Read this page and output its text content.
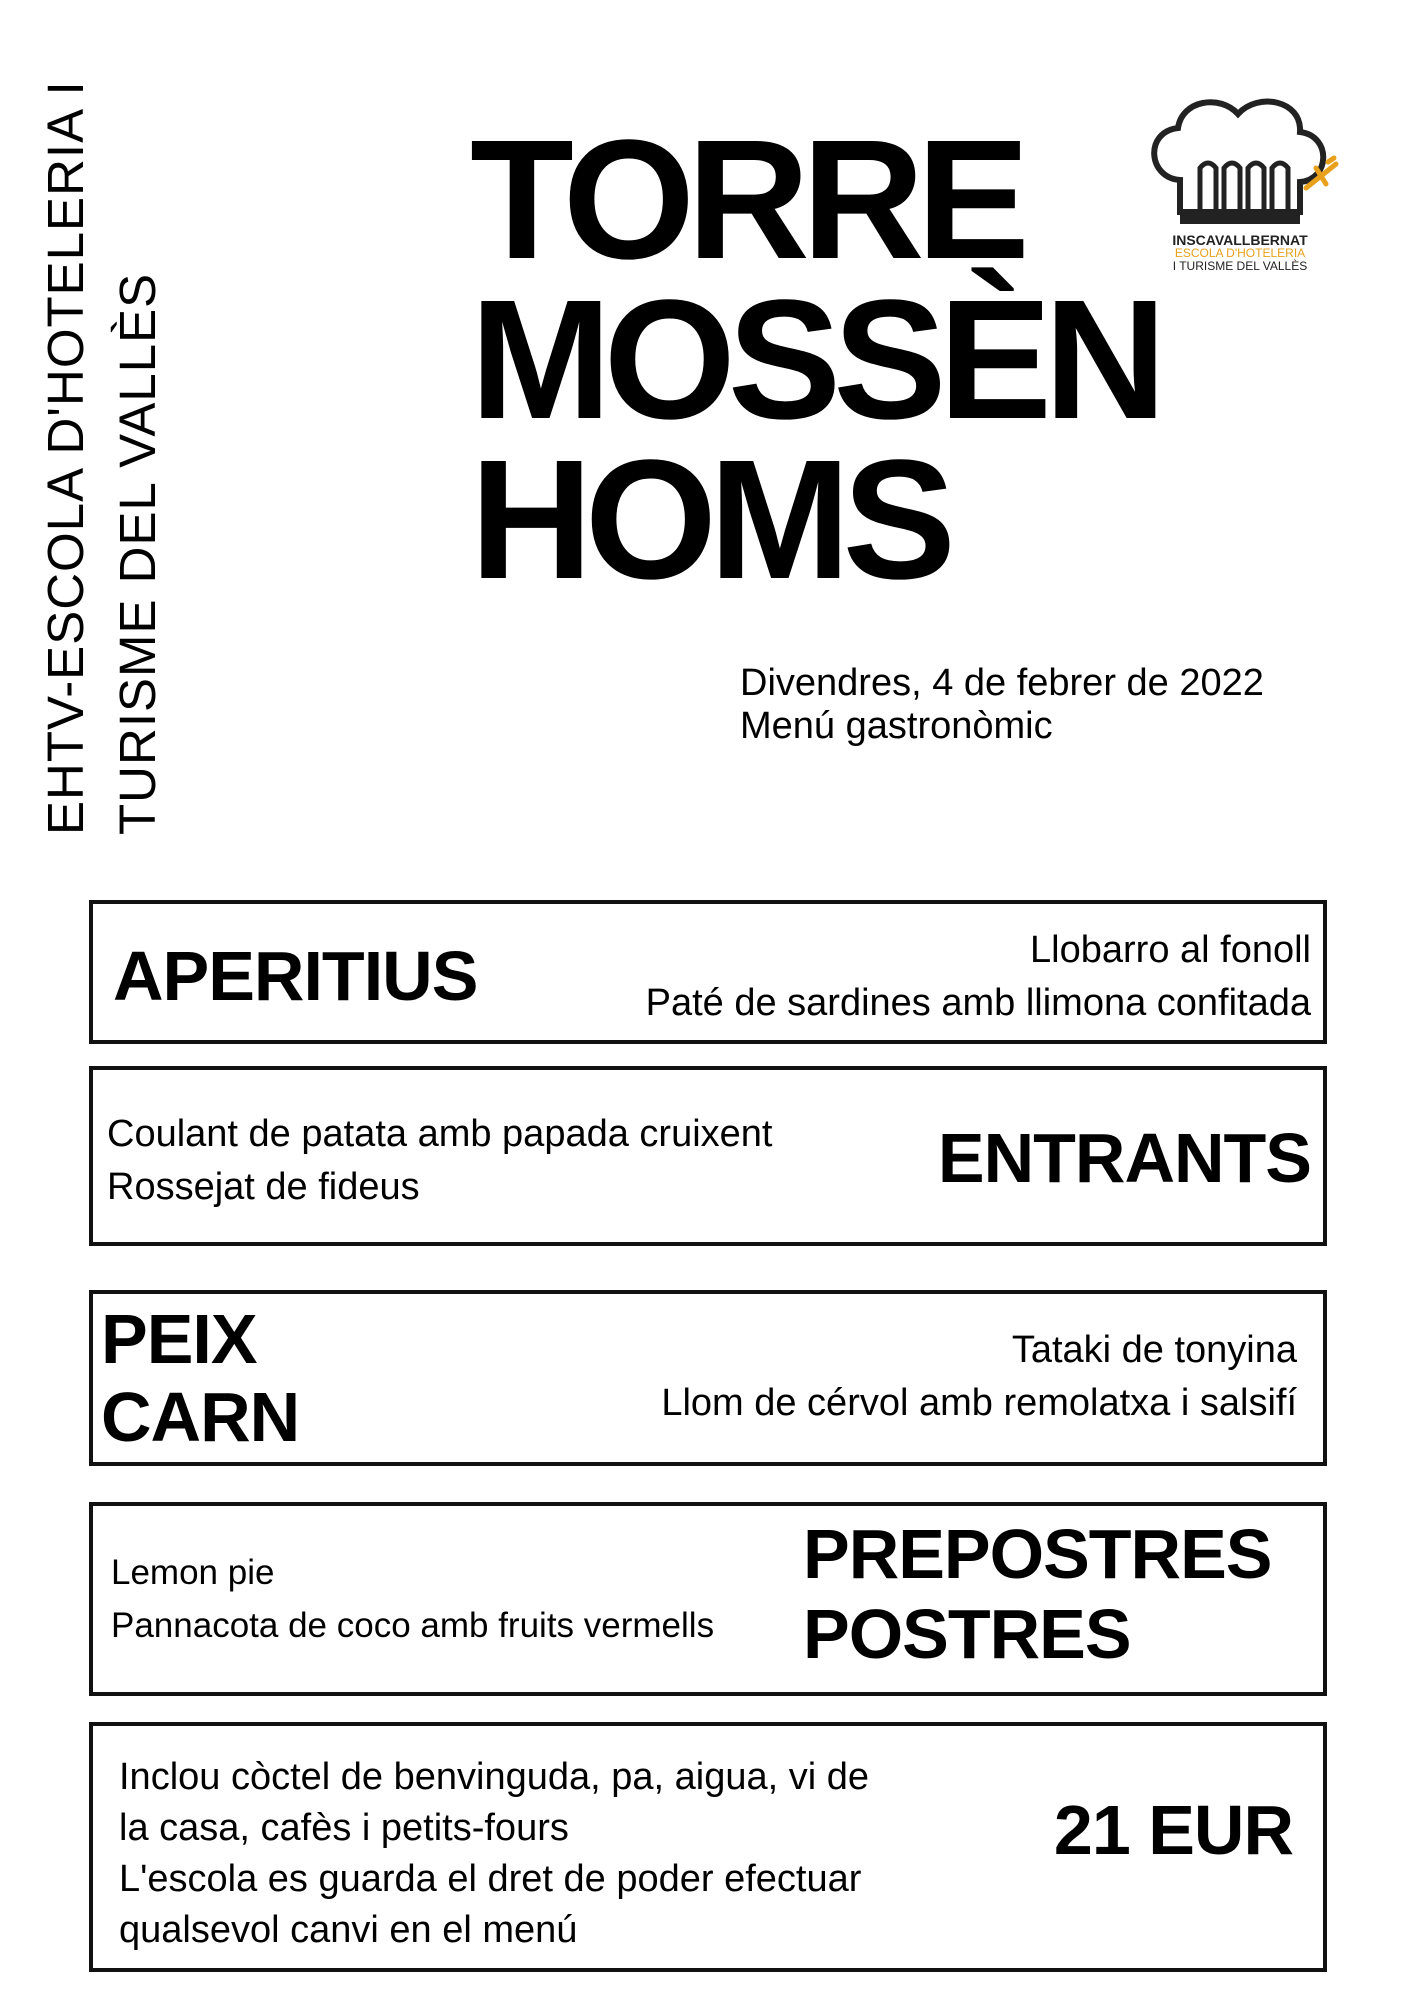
EHTV-ESCOLA D'HOTELERIA I TURISME DEL VALLÈS
TORRE
MOSSÈN
HOMS
INSCAVALLBERNAT
ESCOLA D'HOTELERIA
I TURISME DEL VALLÈS
Divendres, 4 de febrer de 2022
Menú gastronòmic
APERITIUS	Llobarro al fonoll
Paté de sardines amb llimona confitada
Coulant de patata amb papada cruixent
Rossejat de fideus	ENTRANTS
PEIX
CARN
Tataki de tonyina
Llom de cérvol amb remolatxa i salsifí
Lemon pie
Pannacota de coco amb fruits vermells
PREPOSTRES
POSTRES
Inclou còctel de benvinguda, pa, aigua, vi de
la casa, cafès i petits-fours
L'escola es guarda el dret de poder efectuar
qualsevol canvi en el menú
21 EUR
